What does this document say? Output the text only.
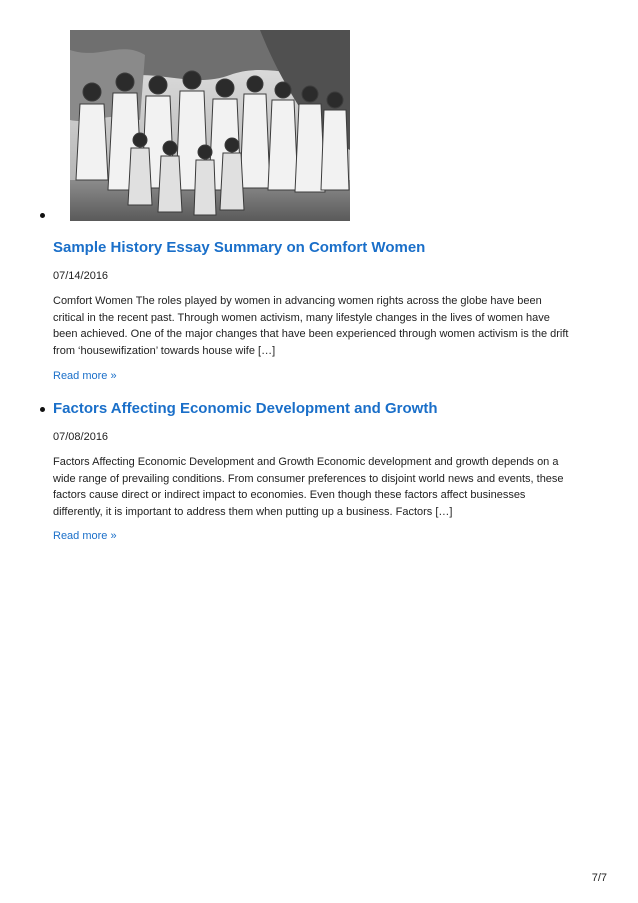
Sample History Essay Summary on Comfort Women
07/14/2016

Comfort Women The roles played by women in advancing women rights across the globe have been
critical in the recent past. Through women activism, many lifestyle changes in the lives of women have
been achieved. One of the major changes that have been experienced through women activism is the drift
from ‘housewifization’ towards house wife […]

Read more »
Factors Affecting Economic Development and Growth
07/08/2016

Factors Affecting Economic Development and Growth Economic development and growth depends on a
wide range of prevailing conditions. From consumer preferences to disjoint world news and events, these
factors cause direct or indirect impact to economies. Even though these factors affect businesses
differently, it is important to address them when putting up a business. Factors […]

Read more »
7/7
